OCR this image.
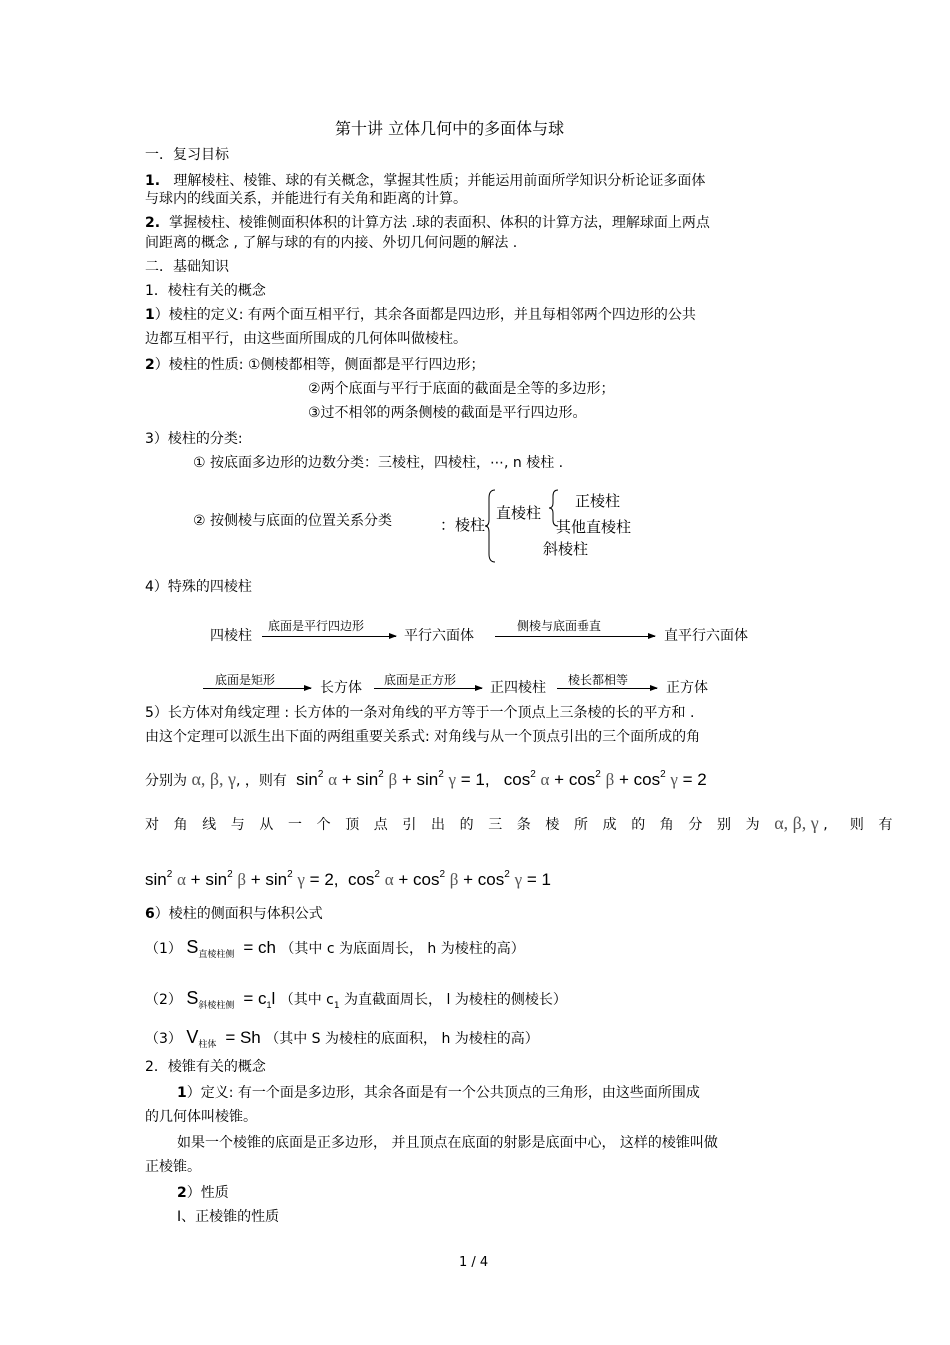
第十讲 立体几何中的多面体与球
一．复习目标
1. 理解棱柱、棱锥、球的有关概念，掌握其性质；并能运用前面所学知识分析论证多面体
与球内的线面关系，并能进行有关角和距离的计算。
2. 掌握棱柱、棱锥侧面积体积的计算方法 .球的表面积、体积的计算方法，理解球面上两点
间距离的概念 , 了解与球的有的内接、外切几何问题的解法 .
二．基础知识
1．棱柱有关的概念
1）棱柱的定义: 有两个面互相平行，其余各面都是四边形，并且每相邻两个四边形的公共
边都互相平行，由这些面所围成的几何体叫做棱柱。
2）棱柱的性质: ①侧棱都相等，侧面都是平行四边形；
②两个底面与平行于底面的截面是全等的多边形；
③过不相邻的两条侧棱的截面是平行四边形。
3）棱柱的分类:
① 按底面多边形的边数分类：三棱柱，四棱柱，⋯, n 棱柱 .
② 按侧棱与底面的位置关系分类	：棱柱
直棱柱
正棱柱
其他直棱柱
斜棱柱
4）特殊的四棱柱
四棱柱
底面是平行四边形
平行六面体
侧棱与底面垂直
直平行六面体
底面是矩形	长方体 底面是正方形 正四棱柱 棱长都相等	正方体
5）长方体对角线定理 : 长方体的一条对角线的平方等于一个顶点上三条棱的长的平方和 .
由这个定理可以派生出下面的两组重要关系式: 对角线与从一个顶点引出的三个面所成的角
分别为 α, β, γ, ，则有  $\sin^2 \alpha + \sin^2 \beta + \sin^2 \gamma = 1$,   $\cos^2 \alpha + \cos^2 \beta + \cos^2 \gamma = 2$
对角线与从一个顶点引出的三条棱所成的角分别为α, β, γ ,     则有
$\sin^2 \alpha + \sin^2 \beta + \sin^2 \gamma = 2$,  $\cos^2 \alpha + \cos^2 \beta + \cos^2 \gamma = 1$
6）棱柱的侧面积与体积公式
（1） $S_{直棱柱侧}$ = ch （其中 c 为底面周长， h 为棱柱的高）
（2） $S_{斜棱柱侧} = c_1l$ （其中 $c_1$ 为直截面周长， l 为棱柱的侧棱长）
（3） $V_{柱体} = Sh$ （其中 S 为棱柱的底面积， h 为棱柱的高）
2．棱锥有关的概念
1）定义: 有一个面是多边形，其余各面是有一个公共顶点的三角形，由这些面所围成
的几何体叫棱锥。
如果一个棱锥的底面是正多边形， 并且顶点在底面的射影是底面中心， 这样的棱锥叫做
正棱锥。
2）性质
Ⅰ、正棱锥的性质
1 / 4
